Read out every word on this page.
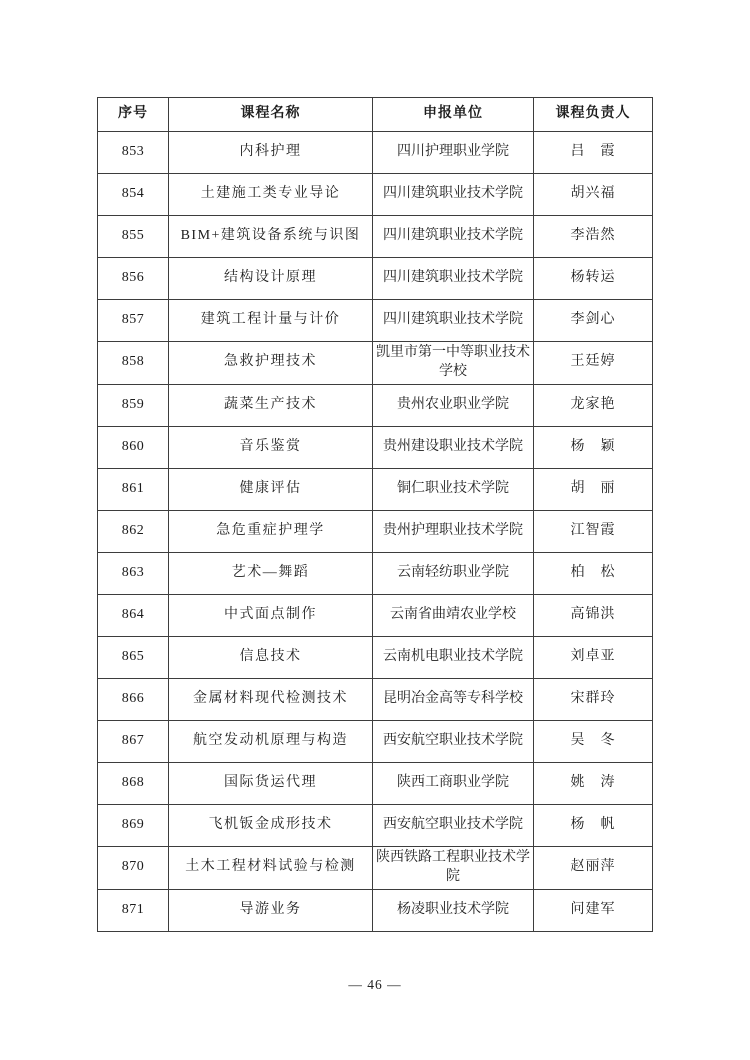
序号	课程名称	申报单位	课程负责人
853	内科护理	四川护理职业学院	吕　霞
854	土建施工类专业导论	四川建筑职业技术学院	胡兴福
855	BIM+建筑设备系统与识图	四川建筑职业技术学院	李浩然
856	结构设计原理	四川建筑职业技术学院	杨转运
857	建筑工程计量与计价	四川建筑职业技术学院	李剑心
858	急救护理技术	凯里市第一中等职业技术学校	王廷婷
859	蔬菜生产技术	贵州农业职业学院	龙家艳
860	音乐鉴赏	贵州建设职业技术学院	杨　颖
861	健康评估	铜仁职业技术学院	胡　丽
862	急危重症护理学	贵州护理职业技术学院	江智霞
863	艺术—舞蹈	云南轻纺职业学院	柏　松
864	中式面点制作	云南省曲靖农业学校	高锦洪
865	信息技术	云南机电职业技术学院	刘卓亚
866	金属材料现代检测技术	昆明冶金高等专科学校	宋群玲
867	航空发动机原理与构造	西安航空职业技术学院	吴　冬
868	国际货运代理	陕西工商职业学院	姚　涛
869	飞机钣金成形技术	西安航空职业技术学院	杨　帆
870	土木工程材料试验与检测	陕西铁路工程职业技术学院	赵丽萍
871	导游业务	杨凌职业技术学院	问建军
— 46 —
